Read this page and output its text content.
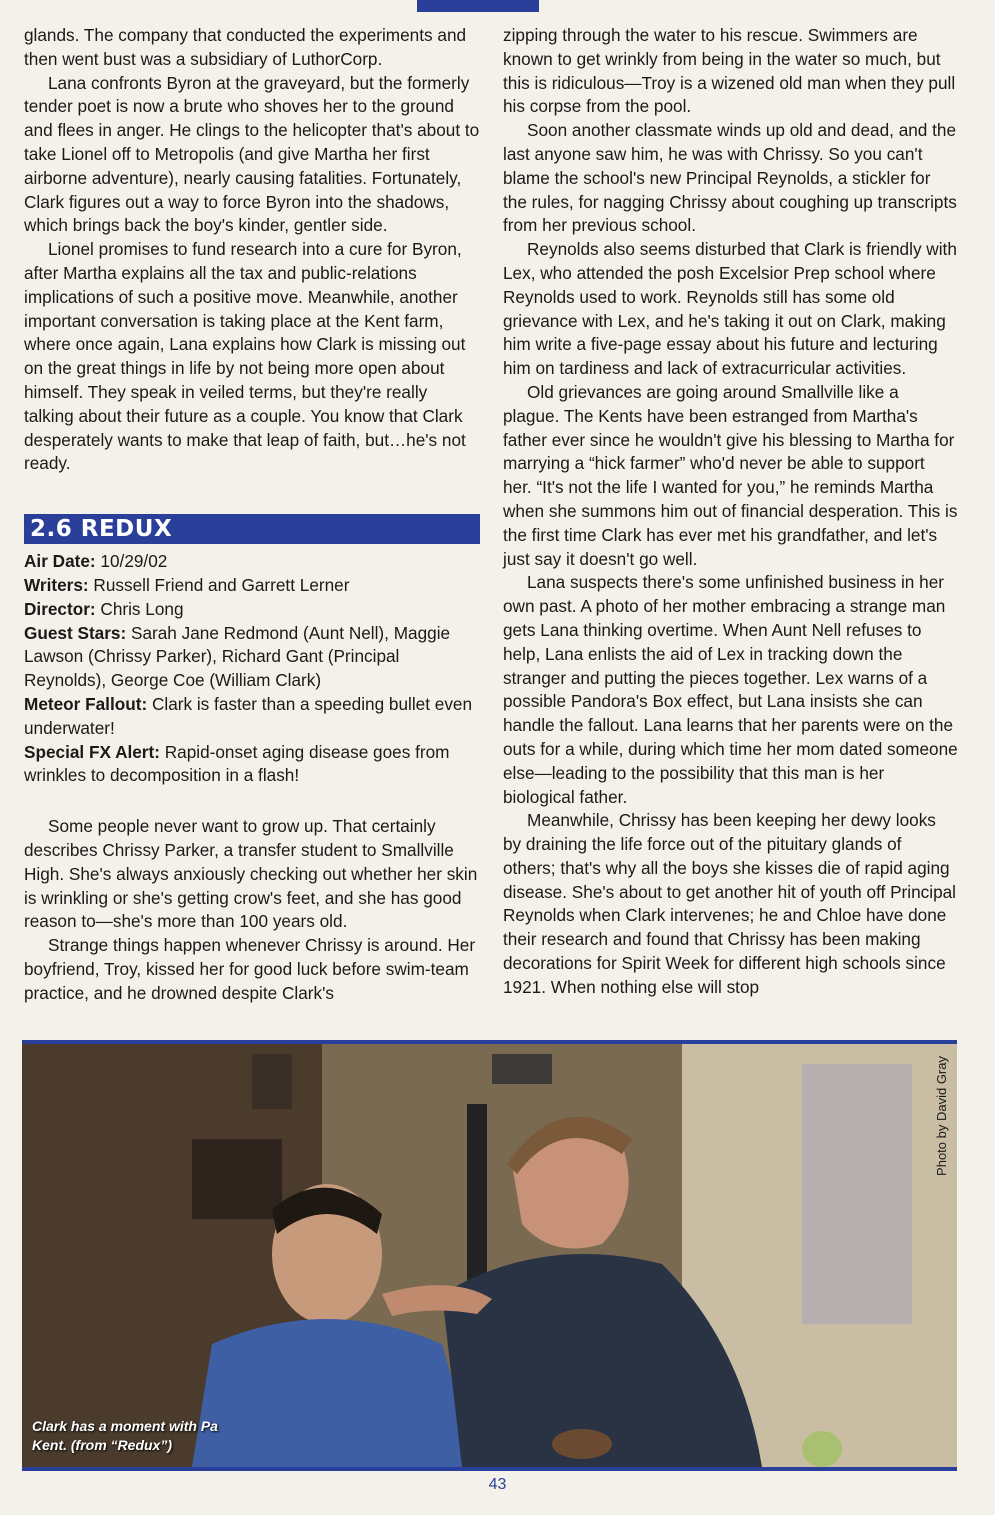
glands. The company that conducted the experiments and then went bust was a subsidiary of LuthorCorp.

Lana confronts Byron at the graveyard, but the formerly tender poet is now a brute who shoves her to the ground and flees in anger. He clings to the helicopter that's about to take Lionel off to Metropolis (and give Martha her first airborne adventure), nearly causing fatalities. Fortunately, Clark figures out a way to force Byron into the shadows, which brings back the boy's kinder, gentler side.

Lionel promises to fund research into a cure for Byron, after Martha explains all the tax and public-relations implications of such a positive move. Meanwhile, another important conversation is taking place at the Kent farm, where once again, Lana explains how Clark is missing out on the great things in life by not being more open about himself. They speak in veiled terms, but they're really talking about their future as a couple. You know that Clark desperately wants to make that leap of faith, but…he's not ready.

2.6 REDUX

Air Date: 10/29/02

Writers: Russell Friend and Garrett Lerner

Director: Chris Long

Guest Stars: Sarah Jane Redmond (Aunt Nell), Maggie Lawson (Chrissy Parker), Richard Gant (Principal Reynolds), George Coe (William Clark)

Meteor Fallout: Clark is faster than a speeding bullet even underwater!

Special FX Alert: Rapid-onset aging disease goes from wrinkles to decomposition in a flash!

Some people never want to grow up. That certainly describes Chrissy Parker, a transfer student to Smallville High. She's always anxiously checking out whether her skin is wrinkling or she's getting crow's feet, and she has good reason to—she's more than 100 years old.

Strange things happen whenever Chrissy is around. Her boyfriend, Troy, kissed her for good luck before swim-team practice, and he drowned despite Clark's

zipping through the water to his rescue. Swimmers are known to get wrinkly from being in the water so much, but this is ridiculous—Troy is a wizened old man when they pull his corpse from the pool.

Soon another classmate winds up old and dead, and the last anyone saw him, he was with Chrissy. So you can't blame the school's new Principal Reynolds, a stickler for the rules, for nagging Chrissy about coughing up transcripts from her previous school.

Reynolds also seems disturbed that Clark is friendly with Lex, who attended the posh Excelsior Prep school where Reynolds used to work. Reynolds still has some old grievance with Lex, and he's taking it out on Clark, making him write a five-page essay about his future and lecturing him on tardiness and lack of extracurricular activities.

Old grievances are going around Smallville like a plague. The Kents have been estranged from Martha's father ever since he wouldn't give his blessing to Martha for marrying a “hick farmer” who'd never be able to support her. “It's not the life I wanted for you,” he reminds Martha when she summons him out of financial desperation. This is the first time Clark has ever met his grandfather, and let's just say it doesn't go well.

Lana suspects there's some unfinished business in her own past. A photo of her mother embracing a strange man gets Lana thinking overtime. When Aunt Nell refuses to help, Lana enlists the aid of Lex in tracking down the stranger and putting the pieces together. Lex warns of a possible Pandora's Box effect, but Lana insists she can handle the fallout. Lana learns that her parents were on the outs for a while, during which time her mom dated someone else—leading to the possibility that this man is her biological father.

Meanwhile, Chrissy has been keeping her dewy looks by draining the life force out of the pituitary glands of others; that's why all the boys she kisses die of rapid aging disease. She's about to get another hit of youth off Principal Reynolds when Clark intervenes; he and Chloe have done their research and found that Chrissy has been making decorations for Spirit Week for different high schools since 1921. When nothing else will stop

Photo by David Gray
Clark has a moment with Pa Kent. (from “Redux”)
43
